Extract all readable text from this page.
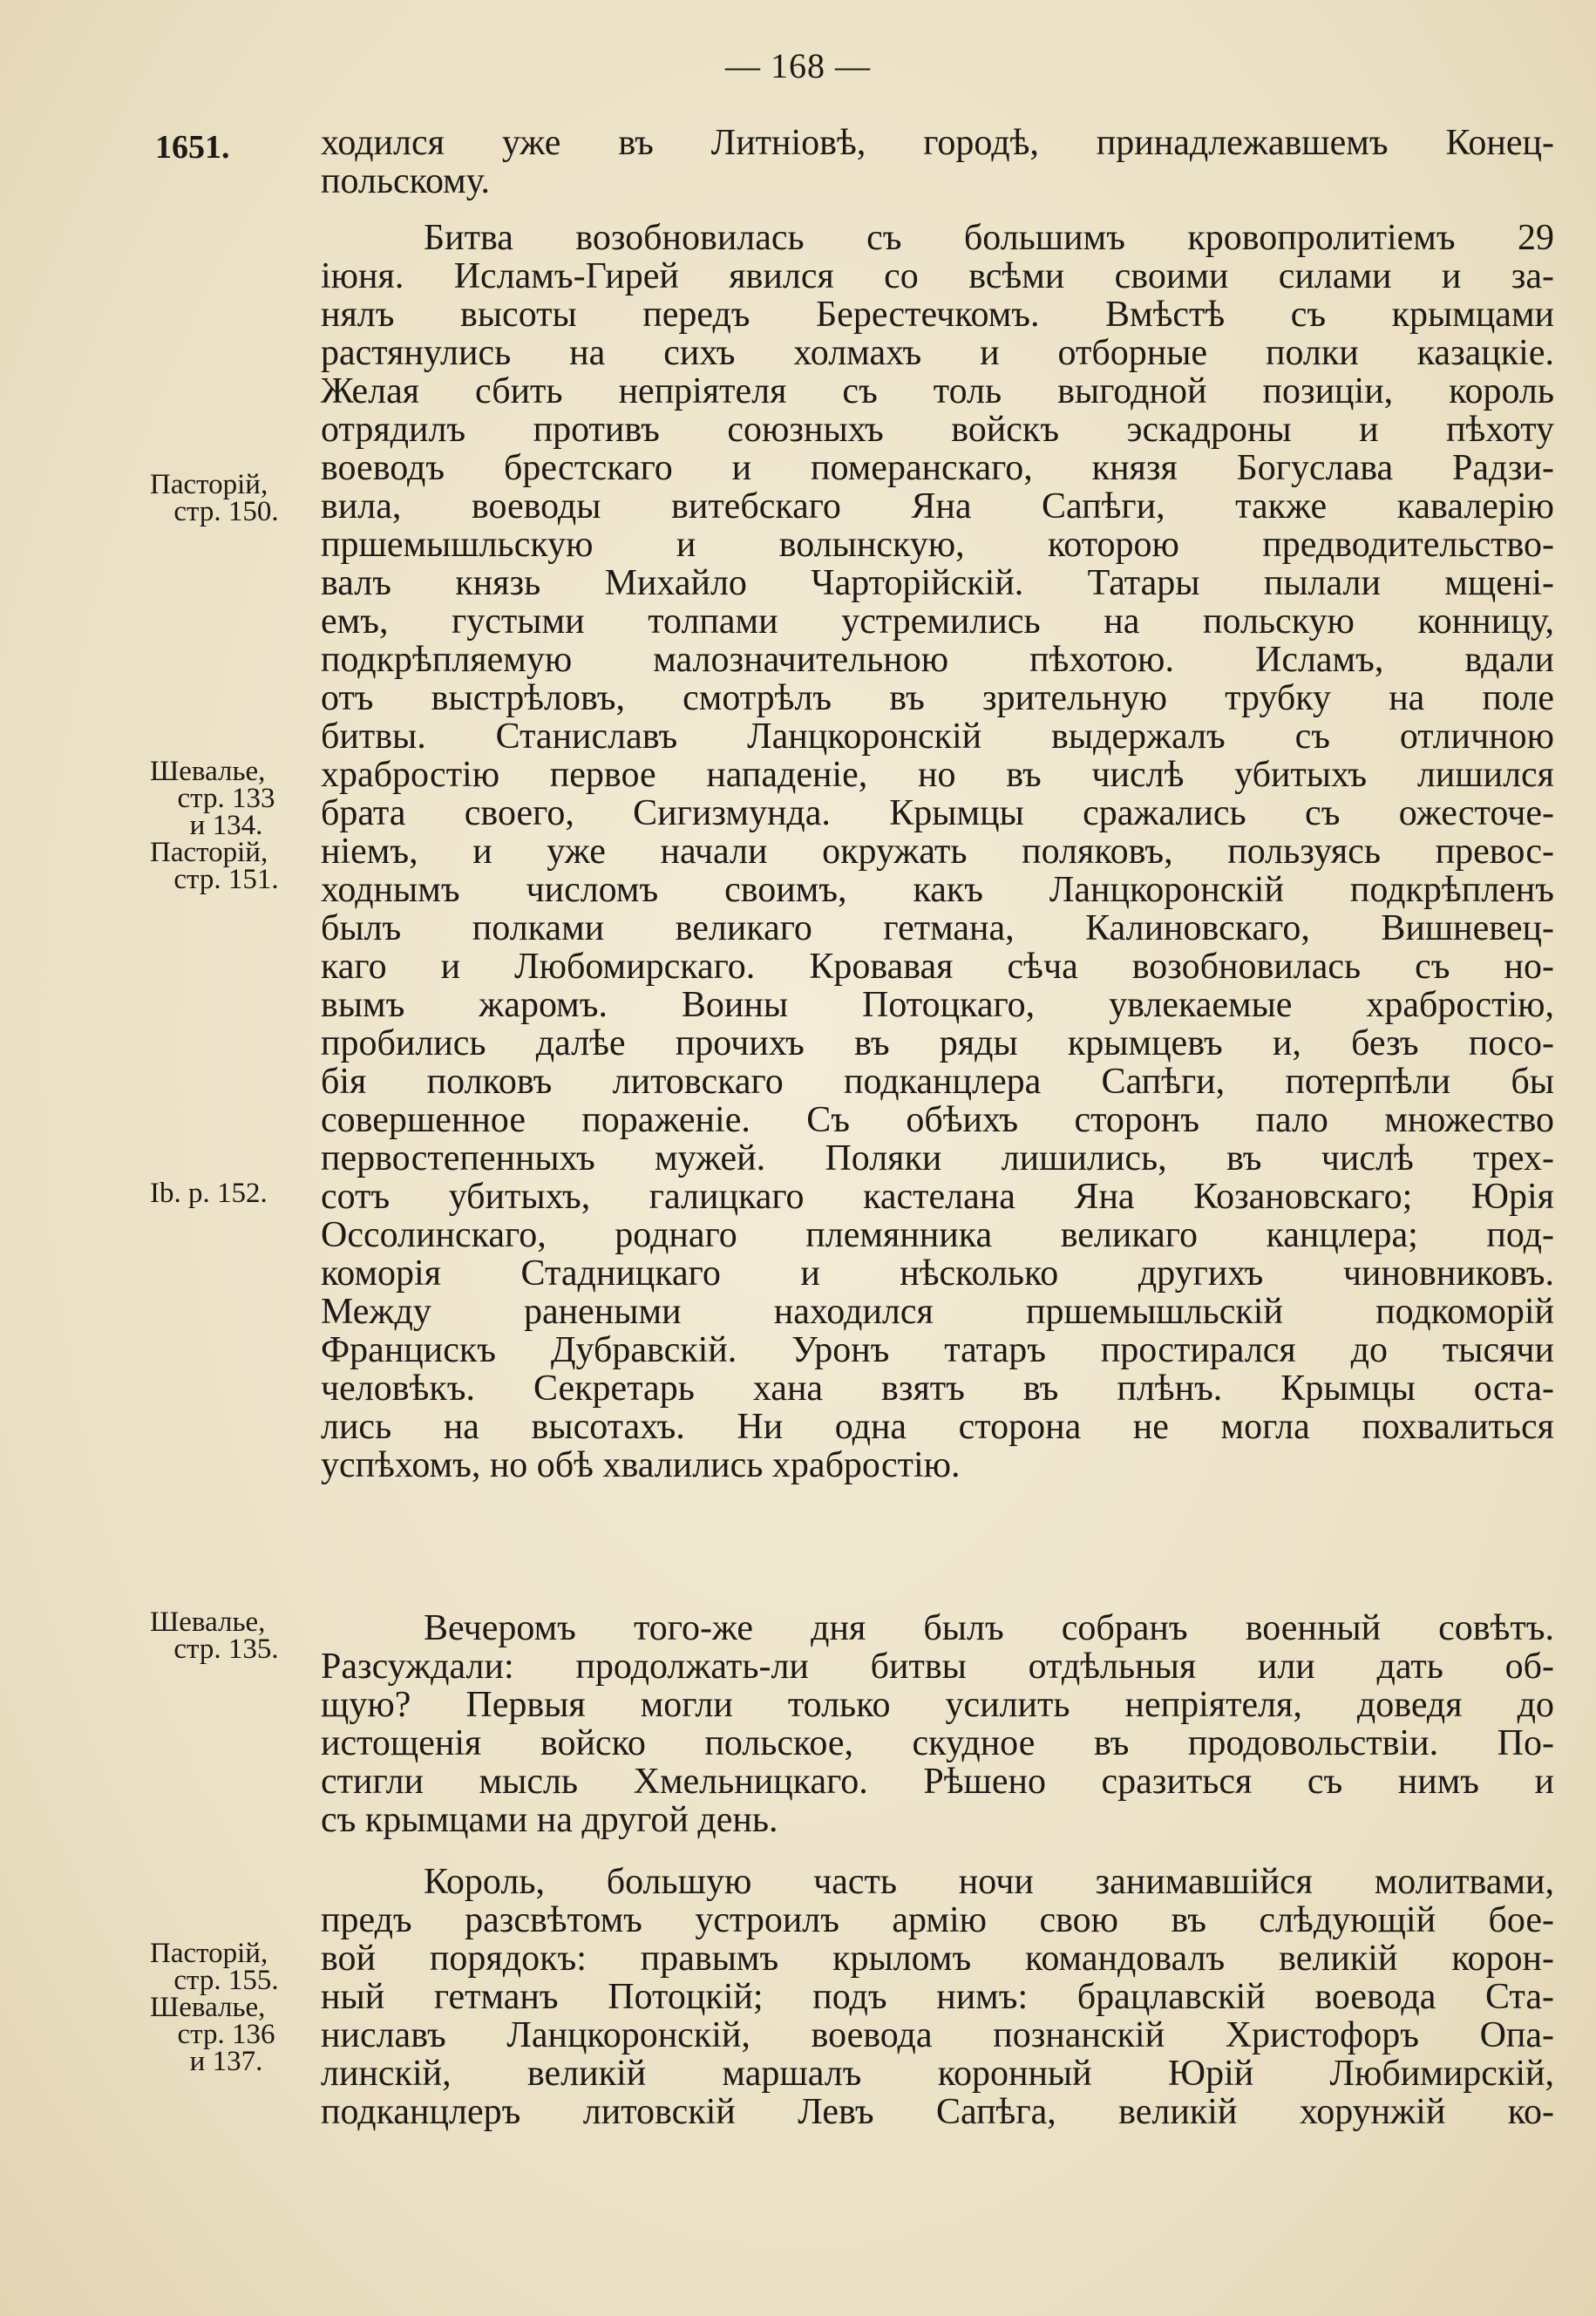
— 168 —
1651. ходился уже въ Литніовѣ, городѣ, принадлежавшемъ Конец-
польскому.
Битва возобновилась съ большимъ кровопролитіемъ 29
іюня. Исламъ-Гирей явился со всѣми своими силами и за-
нялъ высоты передъ Берестечкомъ. Вмѣстѣ съ крымцами
растянулись на сихъ холмахъ и отборные полки казацкіе.
Желая сбить непріятеля съ толь выгодной позиціи, король
отрядилъ противъ союзныхъ войскъ эскадроны и пѣхоту
воеводъ брестскаго и померанскаго, князя Богуслава Радзи-
вила, воеводы витебскаго Яна Сапѣги, также кавалерію
пршемышльскую и волынскую, которою предводительство-
валъ князь Михайло Чарторійскій. Татары пылали мщені-
емъ, густыми толпами устремились на польскую конницу,
подкрѣпляемую малозначительною пѣхотою. Исламъ, вдали
отъ выстрѣловъ, смотрѣлъ въ зрительную трубку на поле
битвы. Станиславъ Ланцкоронскій выдержалъ съ отличною
храбростію первое нападеніе, но въ числѣ убитыхъ лишился
брата своего, Сигизмунда. Крымцы сражались съ ожесточе-
ніемъ, и уже начали окружать поляковъ, пользуясь превос-
ходнымъ числомъ своимъ, какъ Ланцкоронскій подкрѣпленъ
былъ полками великаго гетмана, Калиновскаго, Вишневец-
каго и Любомирскаго. Кровавая сѣча возобновилась съ но-
вымъ жаромъ. Воины Потоцкаго, увлекаемые храбростію,
пробились далѣе прочихъ въ ряды крымцевъ и, безъ посо-
бія полковъ литовскаго подканцлера Сапѣги, потерпѣли бы
совершенное пораженіе. Съ обѣихъ сторонъ пало множество
первостепенныхъ мужей. Поляки лишились, въ числѣ трех-
сотъ убитыхъ, галицкаго кастелана Яна Козановскаго; Юрія
Оссолинскаго, роднаго племянника великаго канцлера; под-
коморія Стадницкаго и нѣсколько другихъ чиновниковъ.
Между ранеными находился пршемышльскій подкоморій
Францискъ Дубравскій. Уронъ татаръ простирался до тысячи
человѣкъ. Секретарь хана взятъ въ плѣнъ. Крымцы оста-
лись на высотахъ. Ни одна сторона не могла похвалиться
успѣхомъ, но обѣ хвалились храбростію.
Вечеромъ того-же дня былъ собранъ военный совѣтъ.
Разсуждали: продолжать-ли битвы отдѣльныя или дать об-
щую? Первыя могли только усилить непріятеля, доведя до
истощенія войско польское, скудное въ продовольствіи. По-
стигли мысль Хмельницкаго. Рѣшено сразиться съ нимъ и
съ крымцами на другой день.
Король, большую часть ночи занимавшійся молитвами,
предъ разсвѣтомъ устроилъ армію свою въ слѣдующій бое-
вой порядокъ: правымъ крыломъ командовалъ великій корон-
ный гетманъ Потоцкій; подъ нимъ: брацлавскій воевода Ста-
ниславъ Ланцкоронскій, воевода познанскій Христофоръ Опа-
линскій, великій маршалъ коронный Юрій Любимирскій,
подканцлеръ литовскій Левъ Сапѣга, великій хорунжій ко-
Пасторій,
стр. 150.
Шевалье,
стр. 133
и 134.
Пасторій,
стр. 151.
Ib. р. 152.
Шевалье,
стр. 135.
Пасторій,
стр. 155.
Шевалье,
стр. 136
и 137.
